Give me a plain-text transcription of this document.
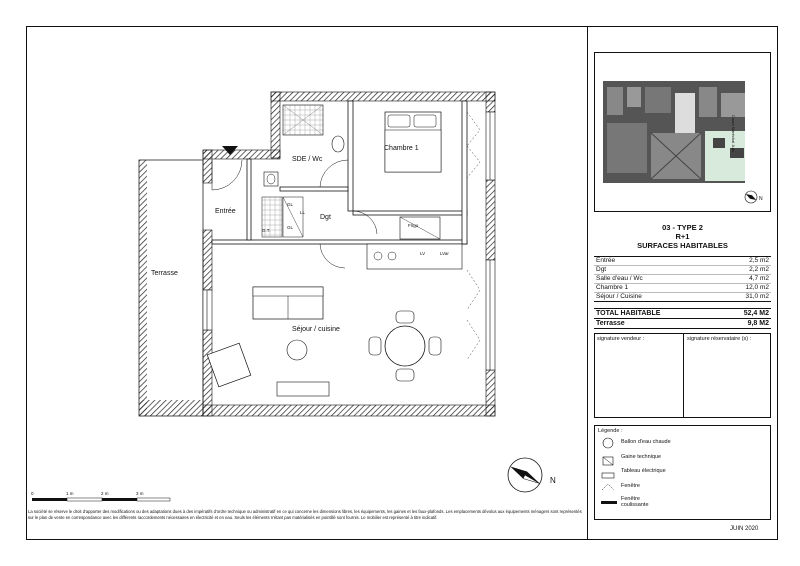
Entrée
SDE / Wc
Chambre 1
Dgt
Terrasse
Séjour / cuisine
G.T.
GL
GL	Frigo
LV	LVar
LL
N
0	1 m	2 m	3 m
La société se réserve le droit d'apporter des modifications ou des adaptations dues à des impératifs d'ordre technique ou administratif en ce qui concerne les dimensions libres, les équipements, les gaines et les faux-plafonds. Les emplacements dévolus aux équipements ménagers sont représentés sur le plan de vente en correspondance avec les différents raccordements nécessaires en électricité et en eau. Seuls les éléments n'étant pas matérialisés en pointillé sont fournis. Le mobilier est représenté à titre indicatif.
Cours Maréchal Juin
N
03 - TYPE 2
R+1
SURFACES HABITABLES
Entrée	2,5 m2
Dgt	2,2 m2
Salle d'eau / Wc	4,7 m2
Chambre 1	12,0 m2
Séjour / Cuisine	31,0 m2
TOTAL HABITABLE	52,4 M2
Terrasse	9,8 M2
signature vendeur :	signature réservataire (s) :
Légende :
Ballon d'eau chaude
Gaine technique
Tableau électrique
Fenêtre
Fenêtre coulissante
JUIN 2020
